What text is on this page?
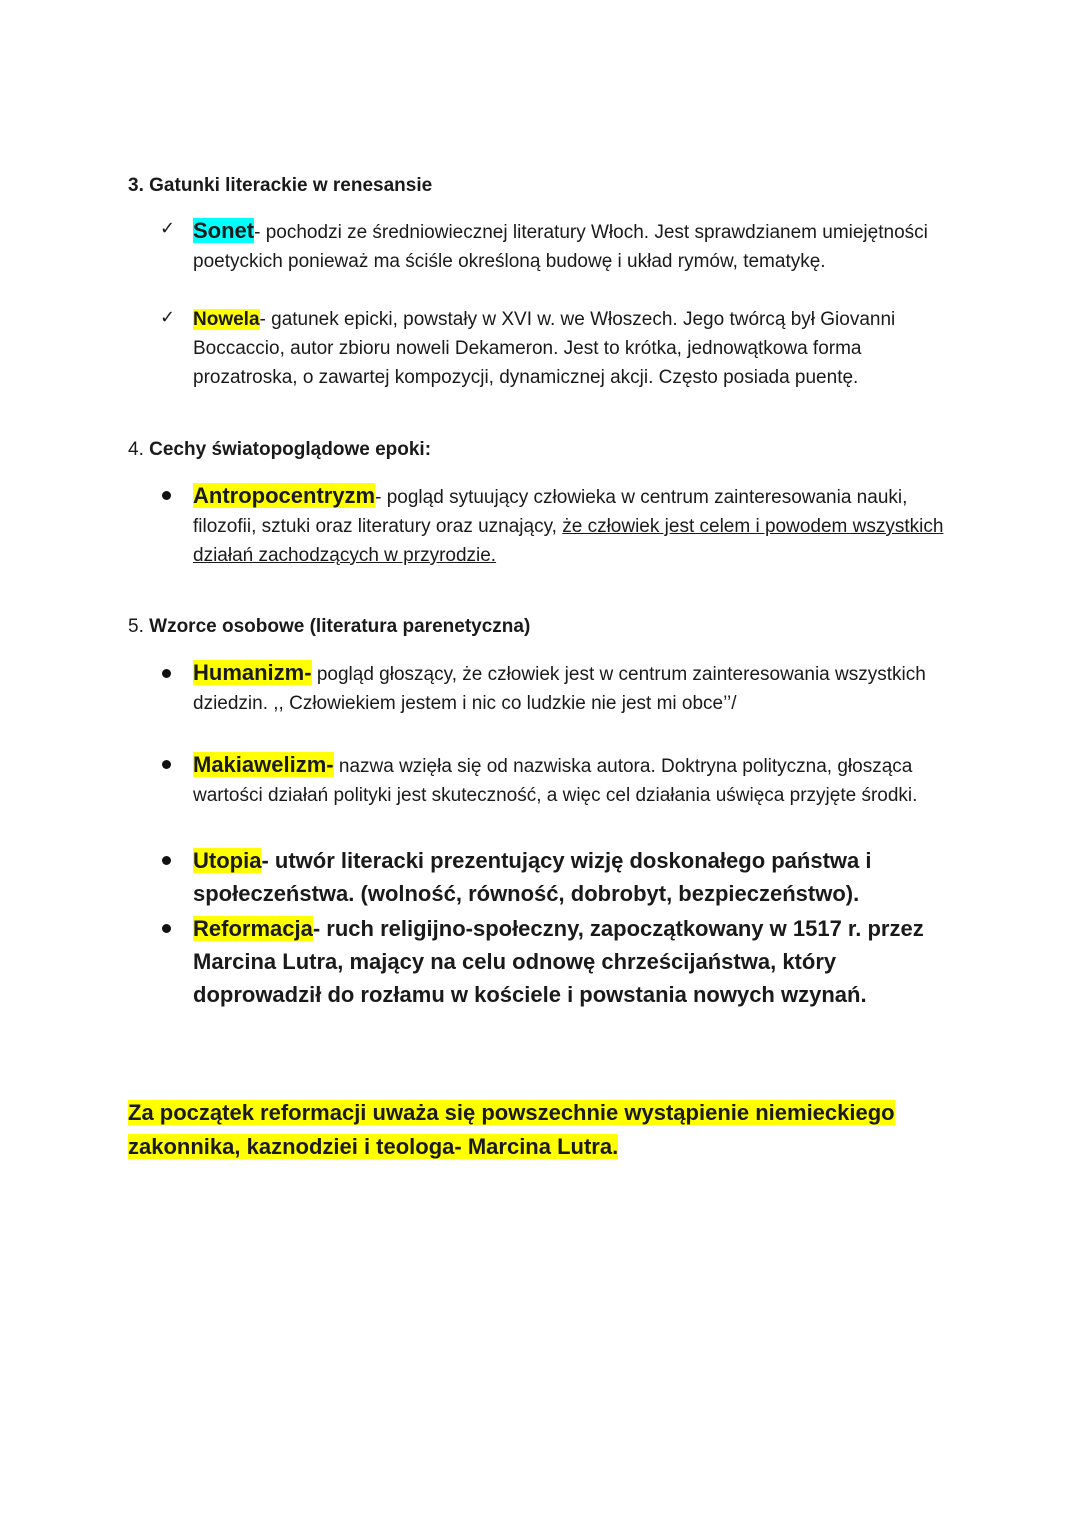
3. Gatunki literackie w renesansie
✓ Sonet- pochodzi ze średniowiecznej literatury Włoch. Jest sprawdzianem umiejętności poetyckich ponieważ ma ściśle określoną budowę i układ rymów, tematykę.
✓ Nowela- gatunek epicki, powstały w XVI w. we Włoszech. Jego twórcą był Giovanni Boccaccio, autor zbioru noweli Dekameron. Jest to krótka, jednowątkowa forma prozatroska, o zawartej kompozycji, dynamicznej akcji. Często posiada puentę.
4. Cechy światopoglądowe epoki:
Antropocentryzm- pogląd sytuujący człowieka w centrum zainteresowania nauki, filozofii, sztuki oraz literatury oraz uznający, że człowiek jest celem i powodem wszystkich działań zachodzących w przyrodzie.
5. Wzorce osobowe (literatura parenetyczna)
Humanizm- pogląd głoszący, że człowiek jest w centrum zainteresowania wszystkich dziedzin. ,, Człowiekiem jestem i nic co ludzkie nie jest mi obce’’/
Makiawelizm- nazwa wzięła się od nazwiska autora. Doktryna polityczna, głosząca wartości działań polityki jest skuteczność, a więc cel działania uświęca przyjęte środki.
Utopia- utwór literacki prezentujący wizję doskonałego państwa i społeczeństwa. (wolność, równość, dobrobyt, bezpieczeństwo).
Reformacja- ruch religijno-społeczny, zapoczątkowany w 1517 r. przez Marcina Lutra, mający na celu odnowę chrześcijaństwa, który doprowadził do rozłamu w kościele i powstania nowych wzynań.
Za początek reformacji uważa się powszechnie wystąpienie niemieckiego zakonnika, kaznodziei i teologa- Marcina Lutra.
